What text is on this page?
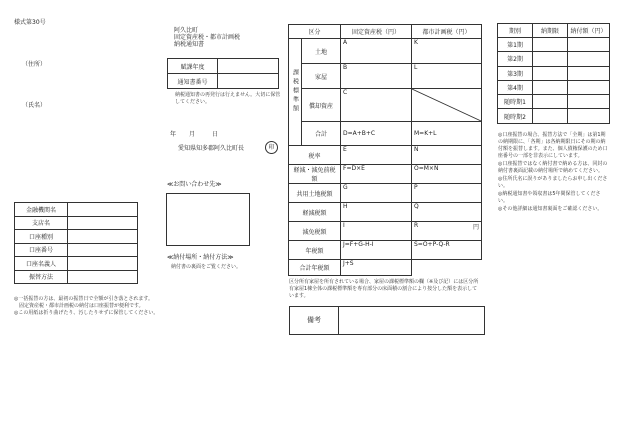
様式第30号
（住所）
（氏名）
金融機関名	
支店名	
口座種別	
口座番号	
口座名義人	
振替方法	
◎一括振替の方は、最初の振替日で全額が引き落とされます。
　固定資産税・都市計画税の納付は口座振替が便利です。
◎この用紙は折り曲げたり、汚したりせずに保管してください。
阿久比町
固定資産税・都市計画税
納税通知書
賦課年度	
通知書番号	
納税通知書の再発行は行えません。大切に保管してください。
年 月	日
愛知県知多郡阿久比町長	印
≪お問い合わせ先≫
≪納付場所・納付方法≫
納付書の裏面をご覧ください。
区分		固定資産税（円）	都市計画税（円）	
課税標準額	土地	A	K	
	家屋	B	L	
	償却資産	C	

	合計	D=A+B+C	M=K+L	
税率		E	N	
軽減・減免前税額		F=D×E	O=M×N	
共用土地税額		G	P	
軽減税額		H	Q	
減免税額		I	R	円
年税額		J=F+G-H-I	S=O+P-Q-R	
合計年税額		J+S		
区分所有家屋を所有されている場合、家屋の課税標準額の欄（※及び記）には区分所有家屋1棟全体の課税標準額を専有部分の床面積の割合により按分した額を表示しています。
備考
期別	納期限	納付額（円）
第1期		
第2期		
第3期		
第4期		
随時期1		
随時期2		
◎口座振替の場合、振替方法で「全期」は第1期の納期限に、「各期」は各納期限日にその期の納付額を振替します。また、個人債権保護のため口座番号の一部を非表示にしています。
◎口座振替ではなく納付書で納める方は、同封の納付書裏面記載の納付場所で納めてください。
◎住所氏名に誤りがありましたらお申し出ください。
◎納税通知書や領収書は5年間保管してください。
◎その他詳細は通知書裏面をご確認ください。
